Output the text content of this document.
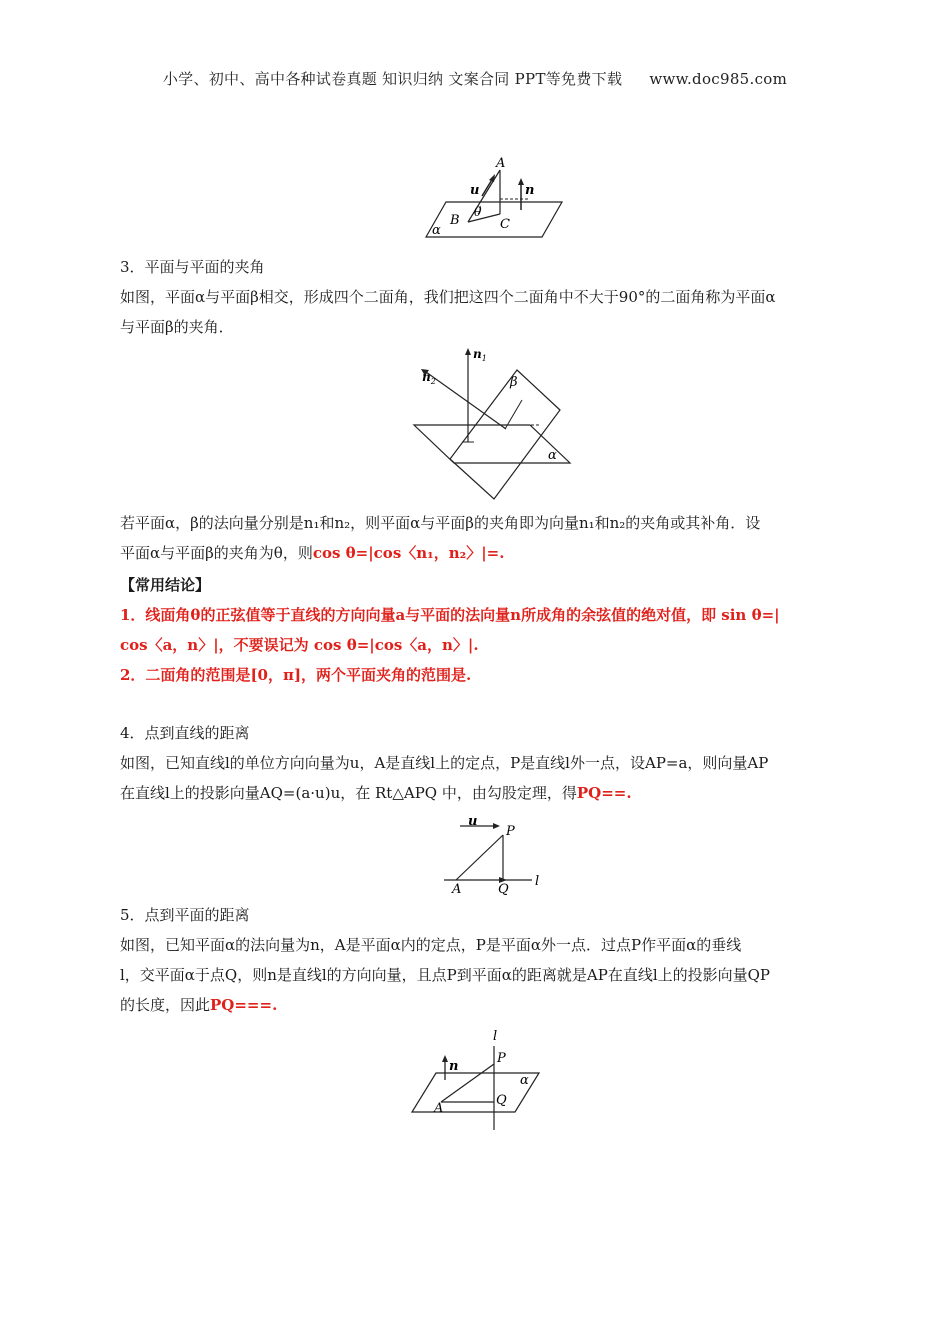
小学、初中、高中各种试卷真题 知识归纳 文案合同 PPT等免费下载 www.doc985.com
A
u	n
B
θ
C
α
3．平面与平面的夹角
如图，平面α与平面β相交，形成四个二面角，我们把这四个二面角中不大于90°的二面角称为平面α
与平面β的夹角．
$n_1$
$n_2$	β
α
若平面α，β的法向量分别是n₁和n₂，则平面α与平面β的夹角即为向量n₁和n₂的夹角或其补角．设
平面α与平面β的夹角为θ，则cos θ=|cos〈n₁，n₂〉|=.
【常用结论】
1．线面角θ的正弦值等于直线的方向向量a与平面的法向量n所成角的余弦值的绝对值，即 sin θ=|
cos〈a，n〉|，不要误记为 cos θ=|cos〈a，n〉|.
2．二面角的范围是[0，π]，两个平面夹角的范围是.
4．点到直线的距离
如图，已知直线l的单位方向向量为u，A是直线l上的定点，P是直线l外一点，设AP=a，则向量AP
在直线l上的投影向量AQ=(a·u)u，在 Rt△APQ 中，由勾股定理，得PQ==.
u
P
A	Q
l
5．点到平面的距离
如图，已知平面α的法向量为n，A是平面α内的定点，P是平面α外一点．过点P作平面α的垂线
l，交平面α于点Q，则n是直线l的方向向量，且点P到平面α的距离就是AP在直线l上的投影向量QP
的长度，因此PQ===.
l
n
P
α
A
Q
